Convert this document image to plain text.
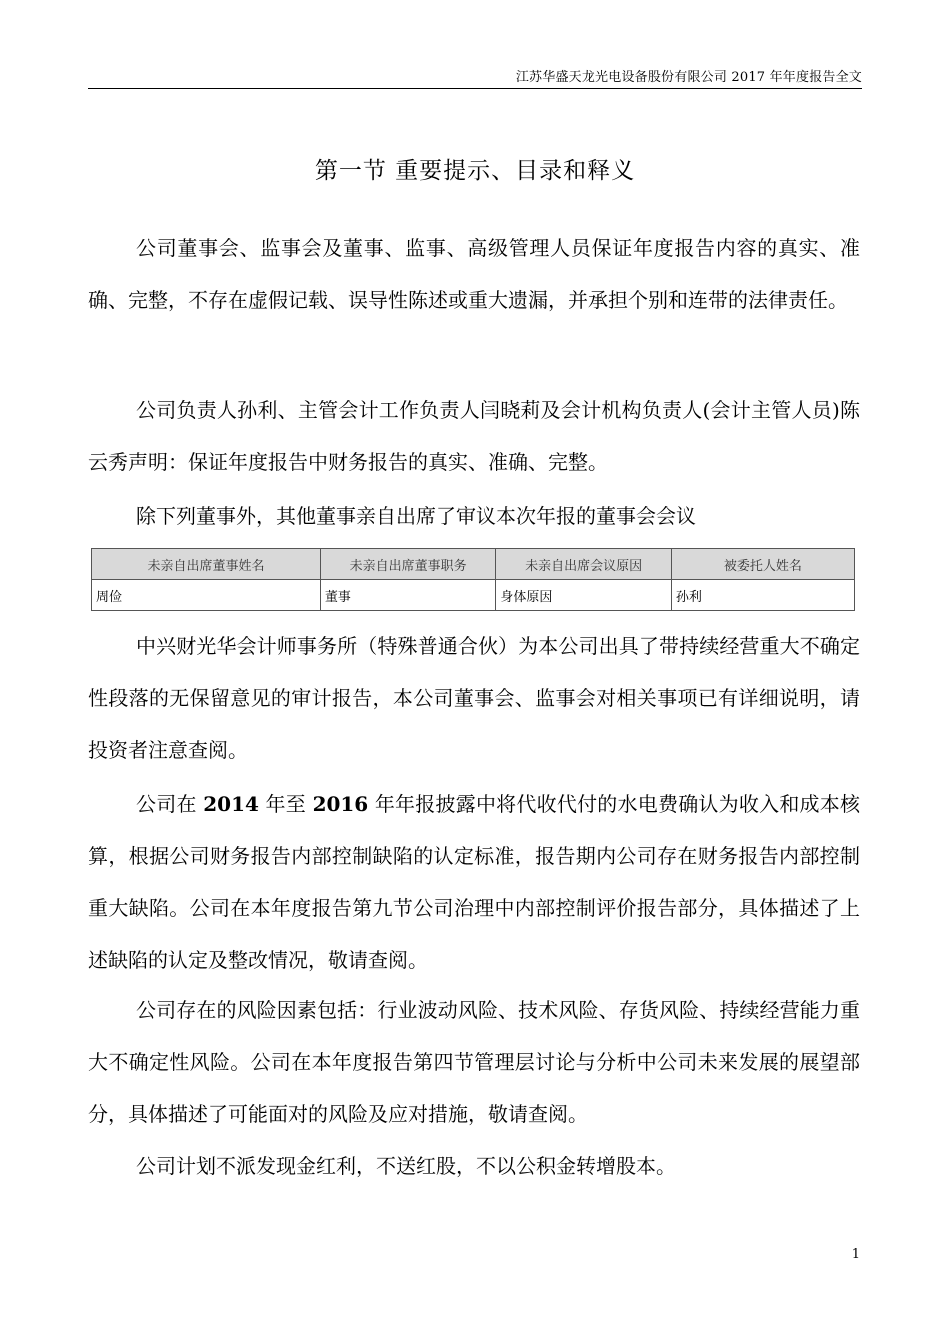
江苏华盛天龙光电设备股份有限公司 2017 年年度报告全文
第一节 重要提示、目录和释义

公司董事会、监事会及董事、监事、高级管理人员保证年度报告内容的真实、准确、完整，不存在虚假记载、误导性陈述或重大遗漏，并承担个别和连带的法律责任。

公司负责人孙利、主管会计工作负责人闫晓莉及会计机构负责人(会计主管人员)陈云秀声明：保证年度报告中财务报告的真实、准确、完整。

除下列董事外，其他董事亲自出席了审议本次年报的董事会会议

未亲自出席董事姓名	未亲自出席董事职务	未亲自出席会议原因	被委托人姓名
周俭	董事	身体原因	孙利

中兴财光华会计师事务所（特殊普通合伙）为本公司出具了带持续经营重大不确定性段落的无保留意见的审计报告，本公司董事会、监事会对相关事项已有详细说明，请投资者注意查阅。

公司在 2014 年至 2016 年年报披露中将代收代付的水电费确认为收入和成本核算，根据公司财务报告内部控制缺陷的认定标准，报告期内公司存在财务报告内部控制重大缺陷。公司在本年度报告第九节公司治理中内部控制评价报告部分，具体描述了上述缺陷的认定及整改情况，敬请查阅。

公司存在的风险因素包括：行业波动风险、技术风险、存货风险、持续经营能力重大不确定性风险。公司在本年度报告第四节管理层讨论与分析中公司未来发展的展望部分，具体描述了可能面对的风险及应对措施，敬请查阅。

公司计划不派发现金红利，不送红股，不以公积金转增股本。

1
